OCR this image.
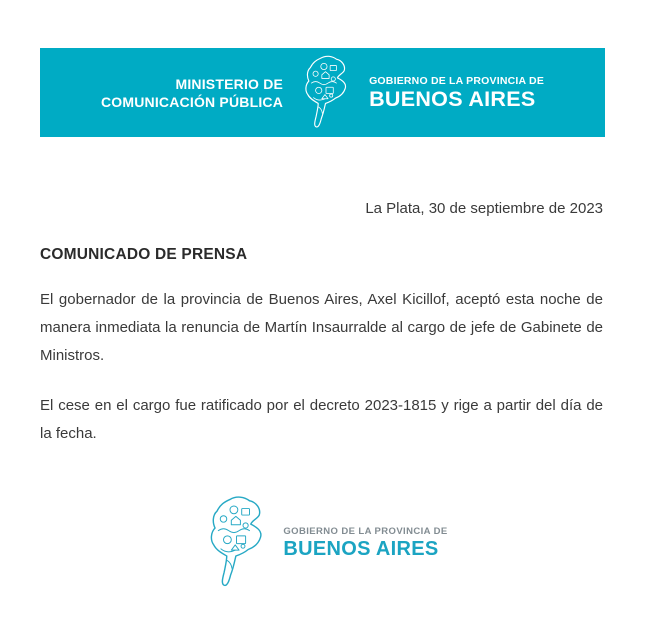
MINISTERIO DE
COMUNICACIÓN PÚBLICA
GOBIERNO DE LA PROVINCIA DE
BUENOS AIRES
La Plata, 30 de septiembre de 2023
COMUNICADO DE PRENSA

El gobernador de la provincia de Buenos Aires, Axel Kicillof, aceptó esta noche de manera inmediata la renuncia de Martín Insaurralde al cargo de jefe de Gabinete de Ministros.

El cese en el cargo fue ratificado por el decreto 2023-1815 y rige a partir del día de la fecha.

GOBIERNO DE LA PROVINCIA DE
BUENOS AIRES
